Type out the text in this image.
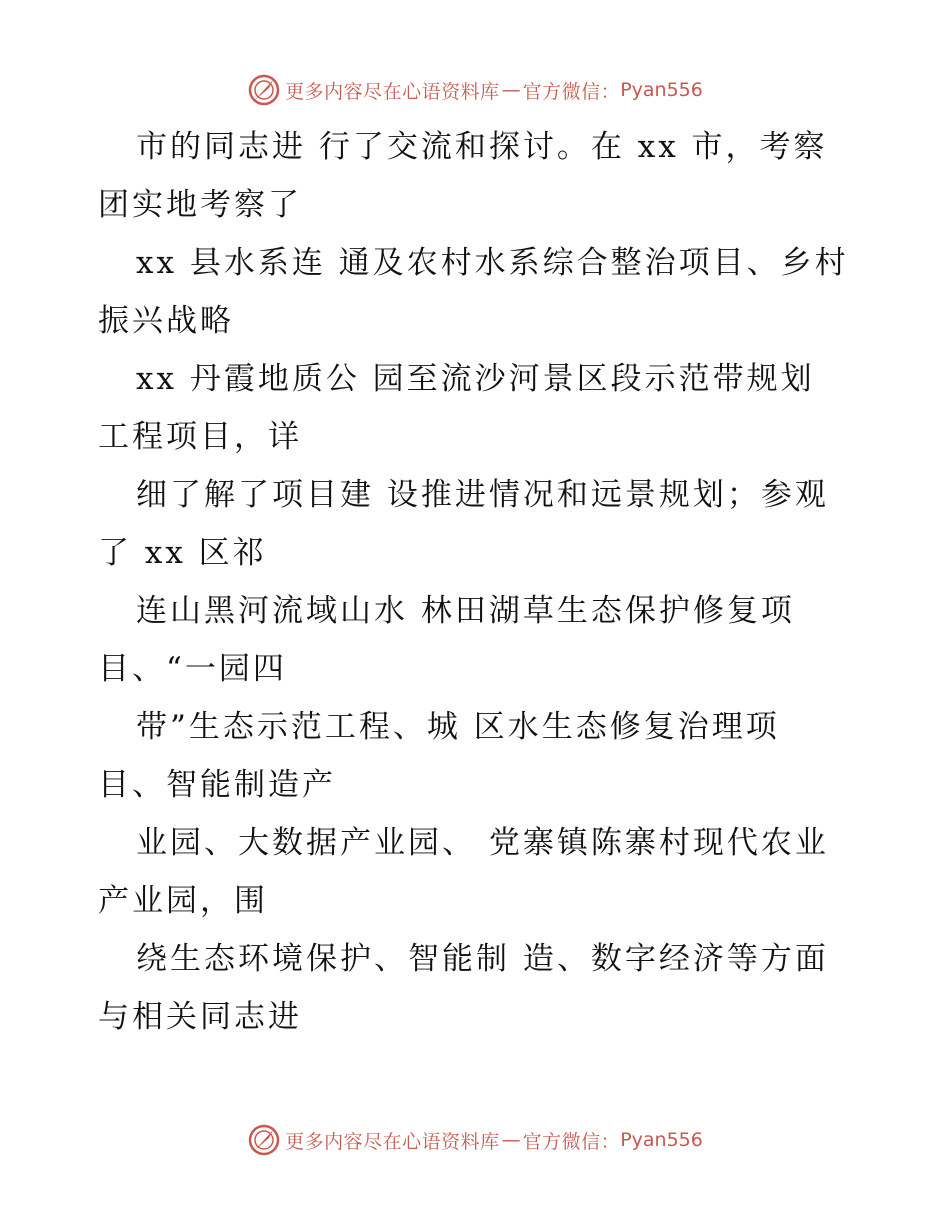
更多内容尽在心语资料库 — 官方微信： Pyan556

市的同志进 行了交流和探讨。在 xx 市，考察
团实地考察了

xx 县水系连 通及农村水系综合整治项目、乡村
振兴战略

xx 丹霞地质公 园至流沙河景区段示范带规划
工程项目，详

细了解了项目建 设推进情况和远景规划；参观
了 xx 区祁

连山黑河流域山水 林田湖草生态保护修复项
目、“一园四

带”生态示范工程、城 区水生态修复治理项
目、智能制造产

业园、大数据产业园、 党寨镇陈寨村现代农业
产业园，围

绕生态环境保护、智能制 造、数字经济等方面
与相关同志进

更多内容尽在心语资料库 — 官方微信： Pyan556
